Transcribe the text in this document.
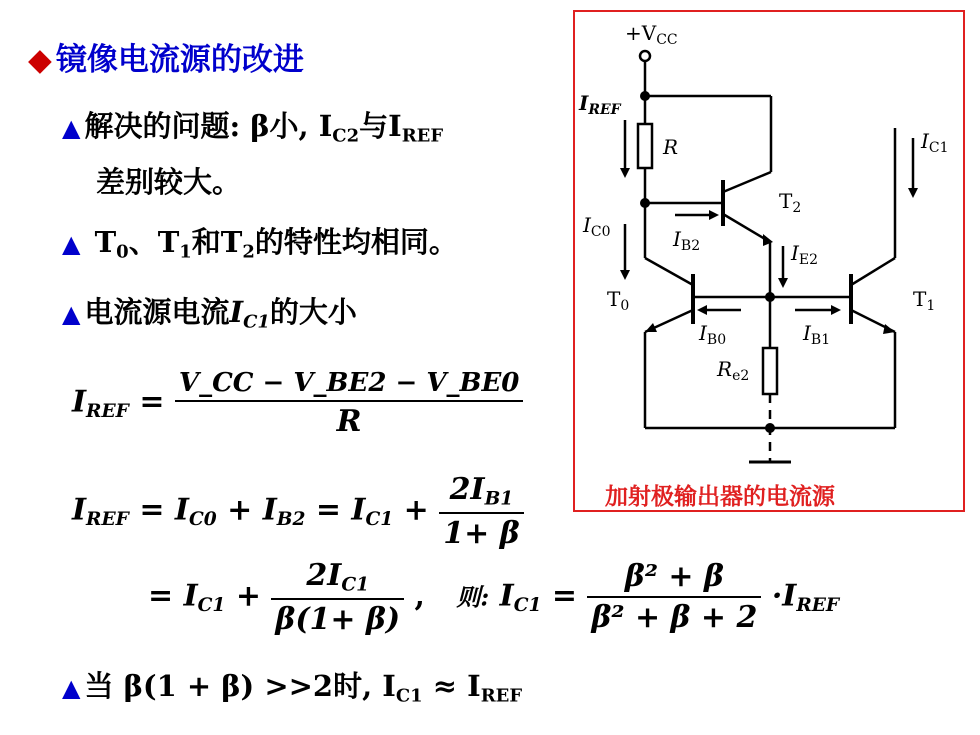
◆ 镜像电流源的改进
▲ 解决的问题: β小, $I_{C2}$与$I_{REF}$
差别较大。
▲ $T_0$、$T_1$和$T_2$的特性均相同。
▲ 电流源电流$I_{C1}$的大小
$I_{REF} = \frac{V\_CC - V\_BE2 - V\_BE0}{R}$
$I_{REF} = I_{C0} + I_{B2} = I_{C1} + \frac{2I_{B1}}{1+ \beta}$
= $I_{C1} + \frac{2I_{C1}}{\beta(1+ \beta)}$ ,   则: $I_{C1} = \frac{\text{β² + β}}{\text{β² + β + 2}} \cdot I_{REF}$
▲ 当 β(1 + β) >>2时, $I_{C1} \approx I_{REF}$
$+V_{CC}$
$I_{REF}$
R	$I_{C1}$
$T_2$
$I_{C0}$	$I_{B2}$	$I_{E2}$
$T_0$	$T_1$
$I_{B0}$	$I_{B1}$
$R_{e2}$
加射极输出器的电流源
